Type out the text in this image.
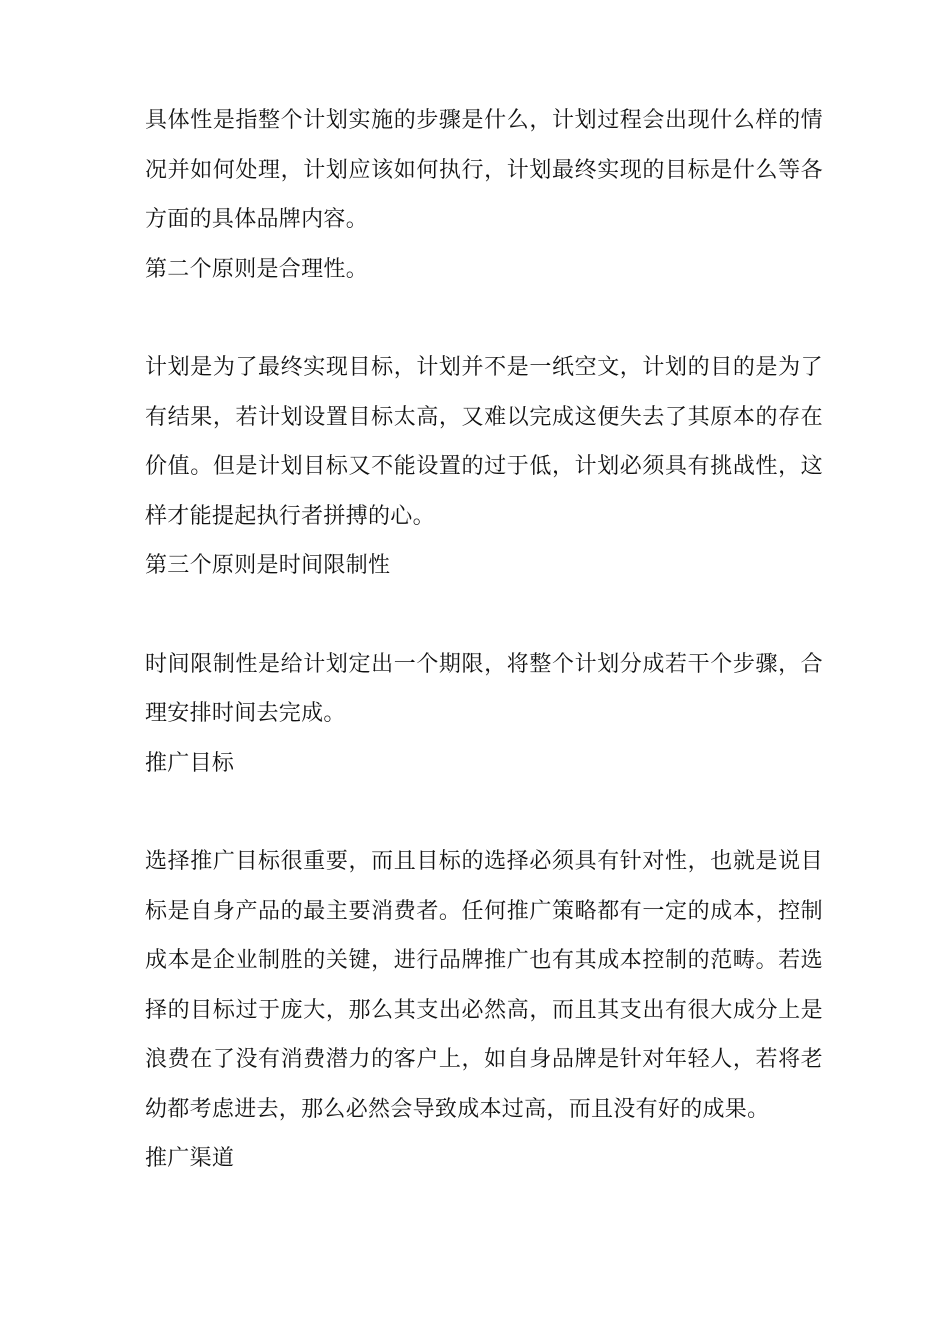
具体性是指整个计划实施的步骤是什么，计划过程会出现什么样的情况并如何处理，计划应该如何执行，计划最终实现的目标是什么等各方面的具体品牌内容。

第二个原则是合理性。

计划是为了最终实现目标，计划并不是一纸空文，计划的目的是为了有结果，若计划设置目标太高，又难以完成这便失去了其原本的存在价值。但是计划目标又不能设置的过于低，计划必须具有挑战性，这样才能提起执行者拼搏的心。

第三个原则是时间限制性

时间限制性是给计划定出一个期限，将整个计划分成若干个步骤，合理安排时间去完成。

推广目标

选择推广目标很重要，而且目标的选择必须具有针对性，也就是说目标是自身产品的最主要消费者。任何推广策略都有一定的成本，控制成本是企业制胜的关键，进行品牌推广也有其成本控制的范畴。若选择的目标过于庞大，那么其支出必然高，而且其支出有很大成分上是浪费在了没有消费潜力的客户上，如自身品牌是针对年轻人，若将老幼都考虑进去，那么必然会导致成本过高，而且没有好的成果。

推广渠道
